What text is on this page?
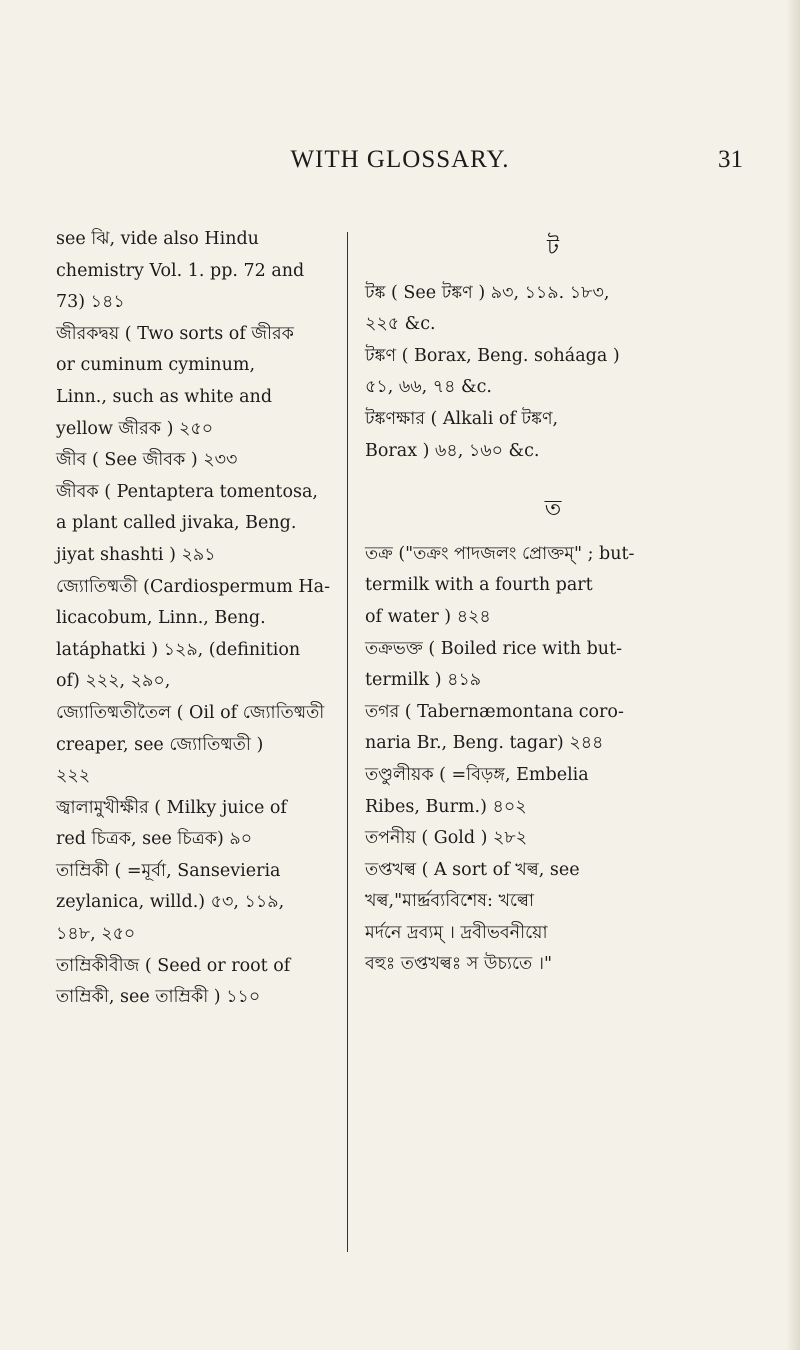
WITH GLOSSARY.	31
see ঝি, vide also Hindu
chemistry Vol. 1. pp. 72 and
73) ১৪১
জীরকদ্বয় ( Two sorts of জীরক
or cuminum cyminum,
Linn., such as white and
yellow জীরক ) ২৫০
জীব ( See জীবক ) ২৩৩
জীবক ( Pentaptera tomentosa,
a plant called jivaka, Beng.
jiyat shashti ) ২৯১
জ্যোতিষ্মতী (Cardiospermum Ha-
licacobum, Linn., Beng.
latáphatki ) ১২৯, (definition
of) ২২২, ২৯০,
জ্যোতিষ্মতীতৈল ( Oil of জ্যোতিষ্মতী
creaper, see জ্যোতিষ্মতী )
২২২
জ্বালামুখীক্ষীর ( Milky juice of
red চিত্রক, see চিত্রক) ৯০
তাম্রিকী ( =মূর্বা, Sansevieria
zeylanica, willd.) ৫৩, ১১৯,
১৪৮, ২৫০
তাম্রিকীবীজ ( Seed or root of
তাম্রিকী, see তাম্রিকী ) ১১০
ট
টঙ্ক ( See টঙ্কণ ) ৯৩, ১১৯. ১৮৩,
২২৫ &c.
টঙ্কণ ( Borax, Beng. soháaga )
৫১, ৬৬, ৭৪ &c.
টঙ্কণক্ষার ( Alkali of টঙ্কণ,
Borax ) ৬৪, ১৬০ &c.
ত
তক্র ("তক্রং পাদজলং প্রোক্তম্" ; but-
termilk with a fourth part
of water ) ৪২৪
তক্রভক্ত ( Boiled rice with but-
termilk ) ৪১৯
তগর ( Tabernæmontana coro-
naria Br., Beng. tagar) ২৪৪
তণ্ডুলীয়ক ( =বিড়ঙ্গ, Embelia
Ribes, Burm.) ৪০২
তপনীয় ( Gold ) ২৮২
তপ্তখল্ব ( A sort of খল্ব, see
খল্ব,"মাৰ্দ্দ্রব্যবিশেষ: খল্বো
মর্দনে দ্রব্যম্ । দ্রবীভবনীয়ো
বহুঃ তপ্তখল্বঃ স উচ্যতে ।"
